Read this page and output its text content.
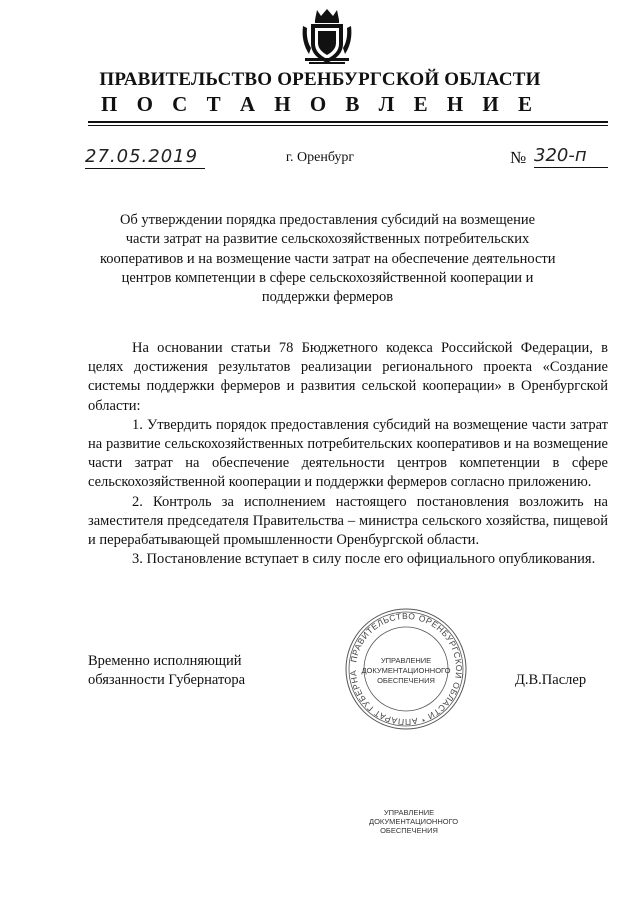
ПРАВИТЕЛЬСТВО ОРЕНБУРГСКОЙ ОБЛАСТИ
П О С Т А Н О В Л Е Н И Е
27.05.2019	г. Оренбург	№ 320-п
Об утверждении порядка предоставления субсидий на возмещение
части затрат на развитие сельскохозяйственных потребительских
кооперативов и на возмещение части затрат на обеспечение деятельности
центров компетенции в сфере сельскохозяйственной кооперации и
поддержки фермеров

На основании статьи 78 Бюджетного кодекса Российской Федерации, в целях достижения результатов реализации регионального проекта «Создание системы поддержки фермеров и развития сельской кооперации» в Оренбургской области:

1. Утвердить порядок предоставления субсидий на возмещение части затрат на развитие сельскохозяйственных потребительских кооперативов и на возмещение части затрат на обеспечение деятельности центров компетенции в сфере сельскохозяйственной кооперации и поддержки фермеров согласно приложению.

2. Контроль за исполнением настоящего постановления возложить на заместителя председателя Правительства – министра сельского хозяйства, пищевой и перерабатывающей промышленности Оренбургской области.

3. Постановление вступает в силу после его официального опубликования.

ПРАВИТЕЛЬСТВО ОРЕНБУРГСКОЙ ОБЛАСТИ * АППАРАТ ГУБЕРНА
УПРАВЛЕНИЕ
ДОКУМЕНТАЦИОННОГО
ОБЕСПЕЧЕНИЯ
Временно исполняющий
обязанности Губернатора	Д.В.Паслер
УПРАВЛЕНИЕ
ДОКУМЕНТАЦИОННОГО
ОБЕСПЕЧЕНИЯ
